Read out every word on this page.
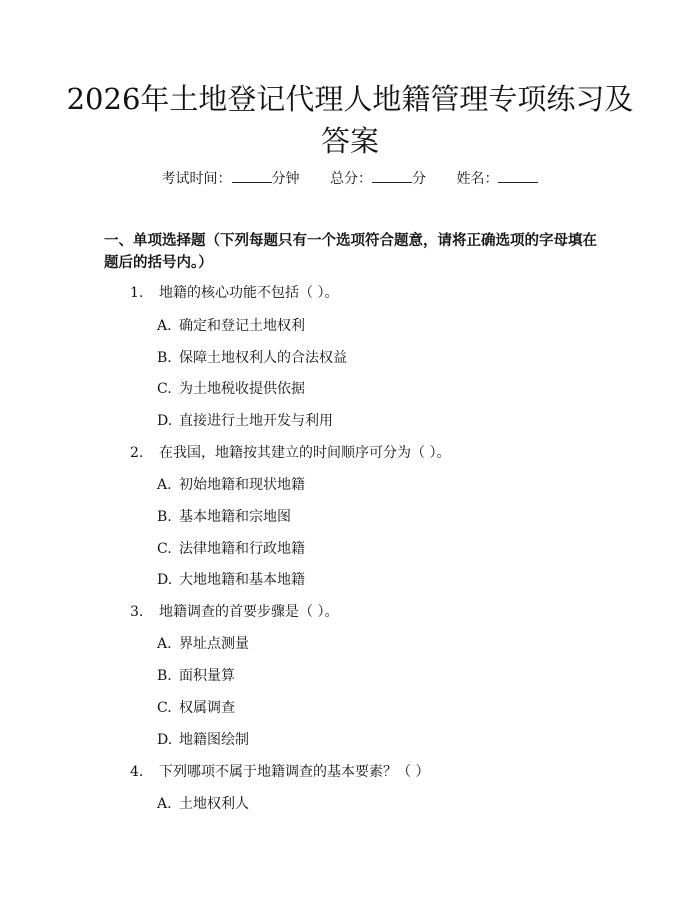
2026年土地登记代理人地籍管理专项练习及答案
考试时间：	分钟 总分：	分 姓名：
一、单项选择题（下列每题只有一个选项符合题意，请将正确选项的字母填在题后的括号内。）
1. 地籍的核心功能不包括（ ）。
A. 确定和登记土地权利
B. 保障土地权利人的合法权益
C. 为土地税收提供依据
D. 直接进行土地开发与利用
2. 在我国，地籍按其建立的时间顺序可分为（ ）。
A. 初始地籍和现状地籍
B. 基本地籍和宗地图
C. 法律地籍和行政地籍
D. 大地地籍和基本地籍
3. 地籍调查的首要步骤是（ ）。
A. 界址点测量
B. 面积量算
C. 权属调查
D. 地籍图绘制
4. 下列哪项不属于地籍调查的基本要素？（ ）
A. 土地权利人
